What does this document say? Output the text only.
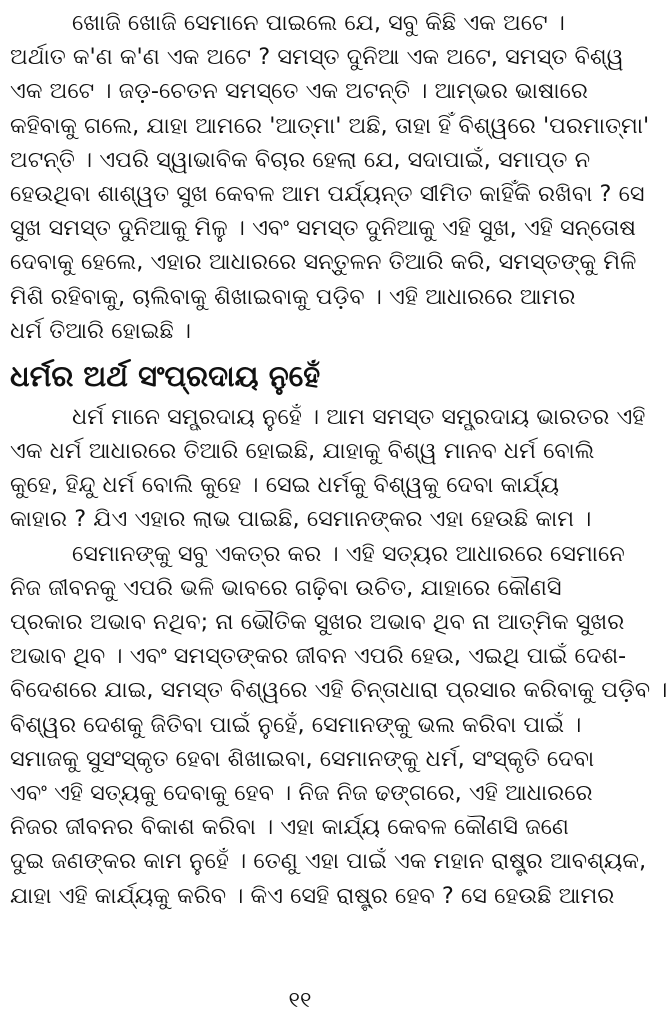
ଖୋଜି ଖୋଜି ସେମାନେ ପାଇଲେ ଯେ, ସବୁ କିଛି ଏକ ଅଟେ ।
ଅର୍ଥାତ କ'ଣ କ'ଣ ଏକ ଅଟେ ? ସମସ୍ତ ଦୁନିଆ ଏକ ଅଟେ, ସମସ୍ତ ବିଶ୍ୱ
ଏକ ଅଟେ । ଜଡ଼-ଚେତନ ସମସ୍ତେ ଏକ ଅଟନ୍ତି । ଆମ୍ଭର ଭାଷାରେ
କହିବାକୁ ଗଲେ, ଯାହା ଆମରେ 'ଆତ୍ମା' ଅଛି, ତାହା ହିଁ ବିଶ୍ୱରେ 'ପରମାତ୍ମା'
ଅଟନ୍ତି । ଏପରି ସ୍ୱାଭାବିକ ବିଚାର ହେଲା ଯେ, ସଦାପାଇଁ, ସମାପ୍ତ ନ
ହେଉଥିବା ଶାଶ୍ୱତ ସୁଖ କେବଳ ଆମ ପର୍ଯ୍ୟନ୍ତ ସୀମିତ କାହିଁକି ରଖିବା ? ସେ
ସୁଖ ସମସ୍ତ ଦୁନିଆକୁ ମିଳୁ । ଏବଂ ସମସ୍ତ ଦୁନିଆକୁ ଏହି ସୁଖ, ଏହି ସନ୍ତୋଷ
ଦେବାକୁ ହେଲେ, ଏହାର ଆଧାରରେ ସନ୍ତୁଳନ ତିଆରି କରି, ସମସ୍ତଙ୍କୁ ମିଳି
ମିଶି ରହିବାକୁ, ଚାଲିବାକୁ ଶିଖାଇବାକୁ ପଡ଼ିବ । ଏହି ଆଧାରରେ ଆମର
ଧର୍ମ ତିଆରି ହୋଇଛି ।
ଧର୍ମର ଅର୍ଥ ସଂପ୍ରଦାୟ ନୁହେଁ
ଧର୍ମ ମାନେ ସମ୍ପ୍ରଦାୟ ନୁହେଁ । ଆମ ସମସ୍ତ ସମ୍ପ୍ରଦାୟ ଭାରତର ଏହି
ଏକ ଧର୍ମ ଆଧାରରେ ତିଆରି ହୋଇଛି, ଯାହାକୁ ବିଶ୍ୱ ମାନବ ଧର୍ମ ବୋଲି
କୁହେ, ହିନ୍ଦୁ ଧର୍ମ ବୋଲି କୁହେ । ସେଇ ଧର୍ମକୁ ବିଶ୍ୱକୁ ଦେବା କାର୍ଯ୍ୟ
କାହାର ? ଯିଏ ଏହାର ଲାଭ ପାଇଛି, ସେମାନଙ୍କର ଏହା ହେଉଛି କାମ ।
ସେମାନଙ୍କୁ ସବୁ ଏକତ୍ର କର । ଏହି ସତ୍ୟର ଆଧାରରେ ସେମାନେ
ନିଜ ଜୀବନକୁ ଏପରି ଭଳି ଭାବରେ ଗଢ଼ିବା ଉଚିତ, ଯାହାରେ କୌଣସି
ପ୍ରକାର ଅଭାବ ନଥିବ; ନା ଭୌତିକ ସୁଖର ଅଭାବ ଥିବ ନା ଆତ୍ମିକ ସୁଖର
ଅଭାବ ଥିବ । ଏବଂ ସମସ୍ତଙ୍କର ଜୀବନ ଏପରି ହେଉ, ଏଇଥି ପାଇଁ ଦେଶ-
ବିଦେଶରେ ଯାଇ, ସମସ୍ତ ବିଶ୍ୱରେ ଏହି ଚିନ୍ତାଧାରା ପ୍ରସାର କରିବାକୁ ପଡ଼ିବ ।
ବିଶ୍ୱର ଦେଶକୁ ଜିତିବା ପାଇଁ ନୁହେଁ, ସେମାନଙ୍କୁ ଭଲ କରିବା ପାଇଁ ।
ସମାଜକୁ ସୁସଂସ୍କୃତ ହେବା ଶିଖାଇବା, ସେମାନଙ୍କୁ ଧର୍ମ, ସଂସ୍କୃତି ଦେବା
ଏବଂ ଏହି ସତ୍ୟକୁ ଦେବାକୁ ହେବ । ନିଜ ନିଜ ଢଙ୍ଗରେ, ଏହି ଆଧାରରେ
ନିଜର ଜୀବନର ବିକାଶ କରିବା । ଏହା କାର୍ଯ୍ୟ କେବଳ କୌଣସି ଜଣେ
ଦୁଇ ଜଣଙ୍କର କାମ ନୁହେଁ । ତେଣୁ ଏହା ପାଇଁ ଏକ ମହାନ ରାଷ୍ଟ୍ର ଆବଶ୍ୟକ,
ଯାହା ଏହି କାର୍ଯ୍ୟକୁ କରିବ । କିଏ ସେହି ରାଷ୍ଟ୍ର ହେବ ? ସେ ହେଉଛି ଆମର
୧୧
